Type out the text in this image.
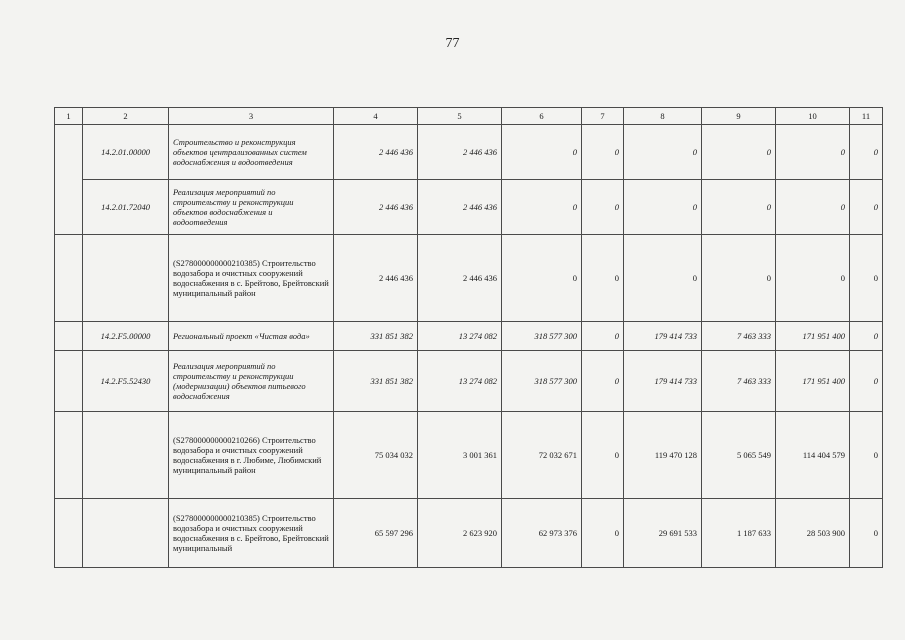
77
1	2	3	4	5	6	7	8	9	10	11
	14.2.01.00000	Строительство и реконструкция объектов централизованных систем водоснабжения и водоотведения	2 446 436	2 446 436	0	0	0	0	0	0
	14.2.01.72040	Реализация мероприятий по строительству и реконструкции объектов водоснабжения и водоотведения	2 446 436	2 446 436	0	0	0	0	0	0
		(S278000000000210385) Строительство водозабора и очистных сооружений водоснабжения в с. Брейтово, Брейтовский муниципальный район	2 446 436	2 446 436	0	0	0	0	0	0
	14.2.F5.00000	Региональный проект «Чистая вода»	331 851 382	13 274 082	318 577 300	0	179 414 733	7 463 333	171 951 400	0
	14.2.F5.52430	Реализация мероприятий по строительству и реконструкции (модернизации) объектов питьевого водоснабжения	331 851 382	13 274 082	318 577 300	0	179 414 733	7 463 333	171 951 400	0
		(S278000000000210266) Строительство водозабора и очистных сооружений водоснабжения в г. Любиме, Любимский муниципальный район	75 034 032	3 001 361	72 032 671	0	119 470 128	5 065 549	114 404 579	0
		(S278000000000210385) Строительство водозабора и очистных сооружений водоснабжения в с. Брейтово, Брейтовский муниципальный	65 597 296	2 623 920	62 973 376	0	29 691 533	1 187 633	28 503 900	0
